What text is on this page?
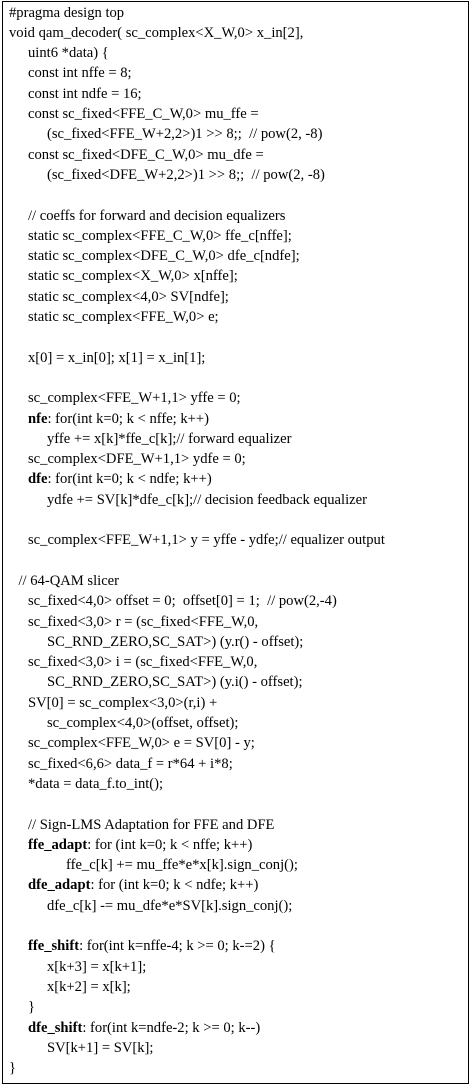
#pragma design top
void qam_decoder( sc_complex<X_W,0> x_in[2],
uint6 *data) {
const int nffe = 8;
const int ndfe = 16;
const sc_fixed<FFE_C_W,0> mu_ffe =
(sc_fixed<FFE_W+2,2>)1 >> 8;;  // pow(2, -8)
const sc_fixed<DFE_C_W,0> mu_dfe =
(sc_fixed<DFE_W+2,2>)1 >> 8;;  // pow(2, -8)
// coeffs for forward and decision equalizers
static sc_complex<FFE_C_W,0> ffe_c[nffe];
static sc_complex<DFE_C_W,0> dfe_c[ndfe];
static sc_complex<X_W,0> x[nffe];
static sc_complex<4,0> SV[ndfe];
static sc_complex<FFE_W,0> e;
x[0] = x_in[0]; x[1] = x_in[1];
sc_complex<FFE_W+1,1> yffe = 0;
nfe: for(int k=0; k < nffe; k++)
yffe += x[k]*ffe_c[k];// forward equalizer
sc_complex<DFE_W+1,1> ydfe = 0;
dfe: for(int k=0; k < ndfe; k++)
ydfe += SV[k]*dfe_c[k];// decision feedback equalizer
sc_complex<FFE_W+1,1> y = yffe - ydfe;// equalizer output
// 64-QAM slicer
sc_fixed<4,0> offset = 0;  offset[0] = 1;  // pow(2,-4)
sc_fixed<3,0> r = (sc_fixed<FFE_W,0,
SC_RND_ZERO,SC_SAT>) (y.r() - offset);
sc_fixed<3,0> i = (sc_fixed<FFE_W,0,
SC_RND_ZERO,SC_SAT>) (y.i() - offset);
SV[0] = sc_complex<3,0>(r,i) +
sc_complex<4,0>(offset, offset);
sc_complex<FFE_W,0> e = SV[0] - y;
sc_fixed<6,6> data_f = r*64 + i*8;
*data = data_f.to_int();
// Sign-LMS Adaptation for FFE and DFE
ffe_adapt: for (int k=0; k < nffe; k++)
ffe_c[k] += mu_ffe*e*x[k].sign_conj();
dfe_adapt: for (int k=0; k < ndfe; k++)
dfe_c[k] -= mu_dfe*e*SV[k].sign_conj();
ffe_shift: for(int k=nffe-4; k >= 0; k-=2) {
x[k+3] = x[k+1];
x[k+2] = x[k];
}
dfe_shift: for(int k=ndfe-2; k >= 0; k--)
SV[k+1] = SV[k];
}
